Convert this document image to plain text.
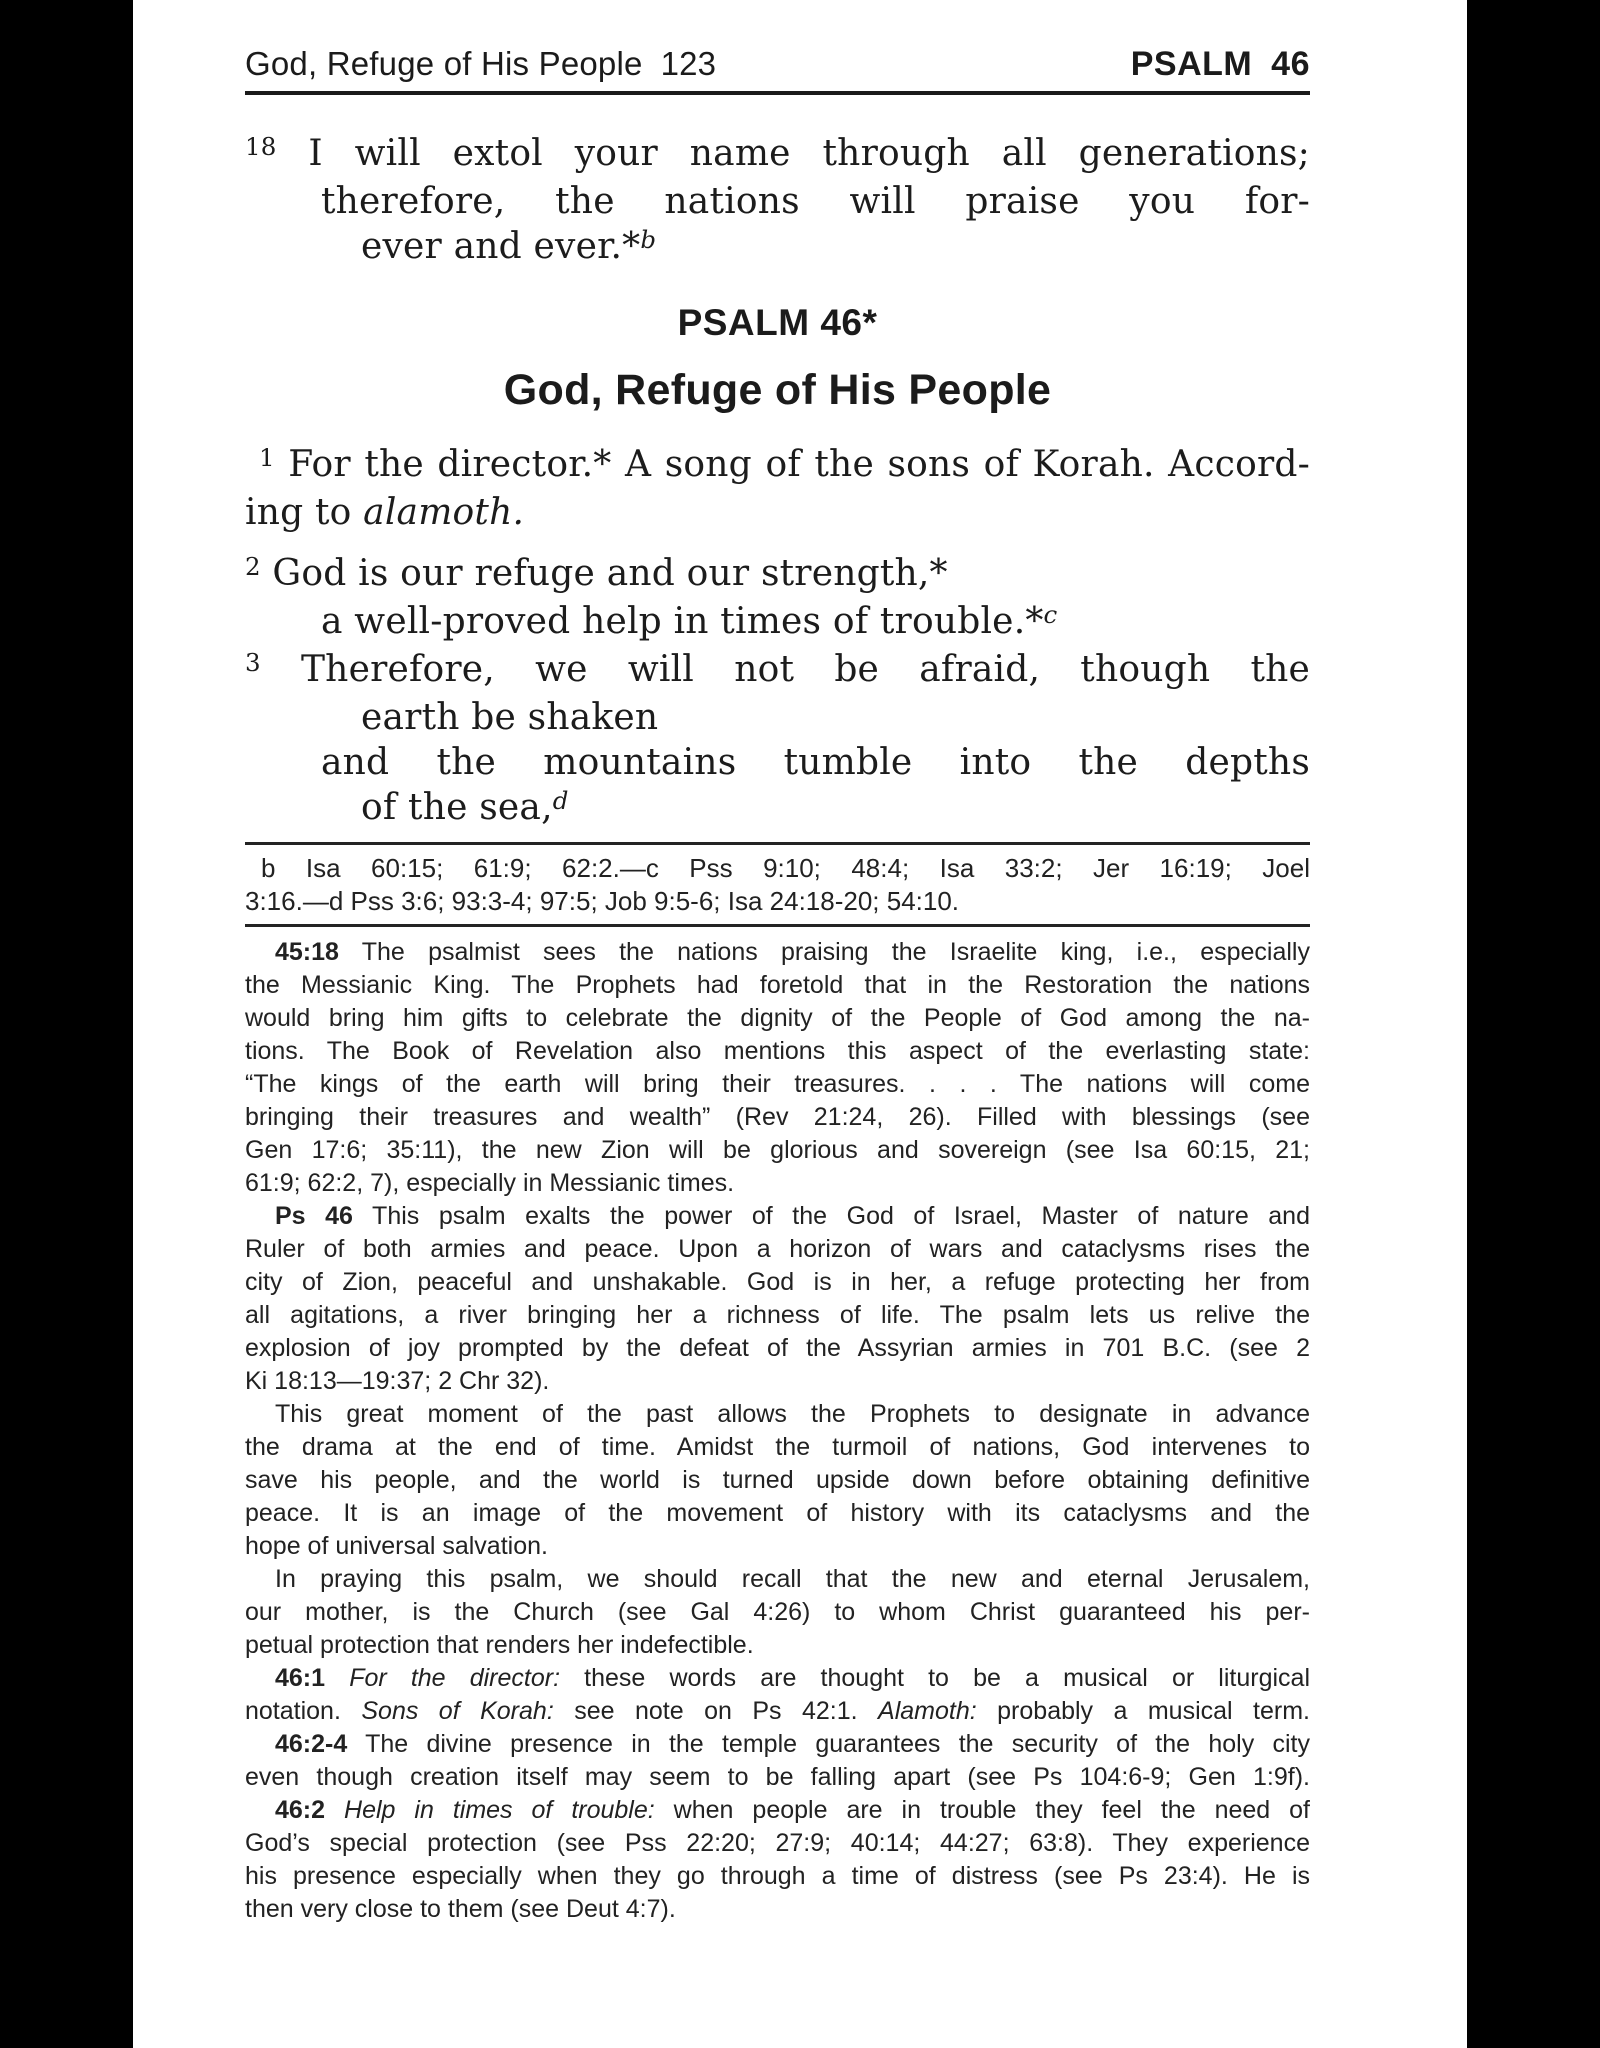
God, Refuge of His People 123	PSALM 46
$^{18}$ I will extol your name through all generations;
therefore, the nations will praise you for-
ever and ever.*$^b$
PSALM 46*
God, Refuge of His People
$^1$ For the director.* A song of the sons of Korah. Accord-
ing to alamoth.
$^2$ God is our refuge and our strength,*
a well-proved help in times of trouble.*$^c$
$^3$ Therefore, we will not be afraid, though the
earth be shaken
and the mountains tumble into the depths
of the sea,$^d$
b Isa 60:15; 61:9; 62:2.—c Pss 9:10; 48:4; Isa 33:2; Jer 16:19; Joel
3:16.—d Pss 3:6; 93:3-4; 97:5; Job 9:5-6; Isa 24:18-20; 54:10.
45:18 The psalmist sees the nations praising the Israelite king, i.e., especially
the Messianic King. The Prophets had foretold that in the Restoration the nations
would bring him gifts to celebrate the dignity of the People of God among the na-
tions. The Book of Revelation also mentions this aspect of the everlasting state:
“The kings of the earth will bring their treasures. . . . The nations will come
bringing their treasures and wealth” (Rev 21:24, 26). Filled with blessings (see
Gen 17:6; 35:11), the new Zion will be glorious and sovereign (see Isa 60:15, 21;
61:9; 62:2, 7), especially in Messianic times.
Ps 46 This psalm exalts the power of the God of Israel, Master of nature and
Ruler of both armies and peace. Upon a horizon of wars and cataclysms rises the
city of Zion, peaceful and unshakable. God is in her, a refuge protecting her from
all agitations, a river bringing her a richness of life. The psalm lets us relive the
explosion of joy prompted by the defeat of the Assyrian armies in 701 B.C. (see 2
Ki 18:13—19:37; 2 Chr 32).
This great moment of the past allows the Prophets to designate in advance
the drama at the end of time. Amidst the turmoil of nations, God intervenes to
save his people, and the world is turned upside down before obtaining definitive
peace. It is an image of the movement of history with its cataclysms and the
hope of universal salvation.
In praying this psalm, we should recall that the new and eternal Jerusalem,
our mother, is the Church (see Gal 4:26) to whom Christ guaranteed his per-
petual protection that renders her indefectible.
46:1 For the director: these words are thought to be a musical or liturgical
notation. Sons of Korah: see note on Ps 42:1. Alamoth: probably a musical term.
46:2-4 The divine presence in the temple guarantees the security of the holy city
even though creation itself may seem to be falling apart (see Ps 104:6-9; Gen 1:9f).
46:2 Help in times of trouble: when people are in trouble they feel the need of
God’s special protection (see Pss 22:20; 27:9; 40:14; 44:27; 63:8). They experience
his presence especially when they go through a time of distress (see Ps 23:4). He is
then very close to them (see Deut 4:7).
